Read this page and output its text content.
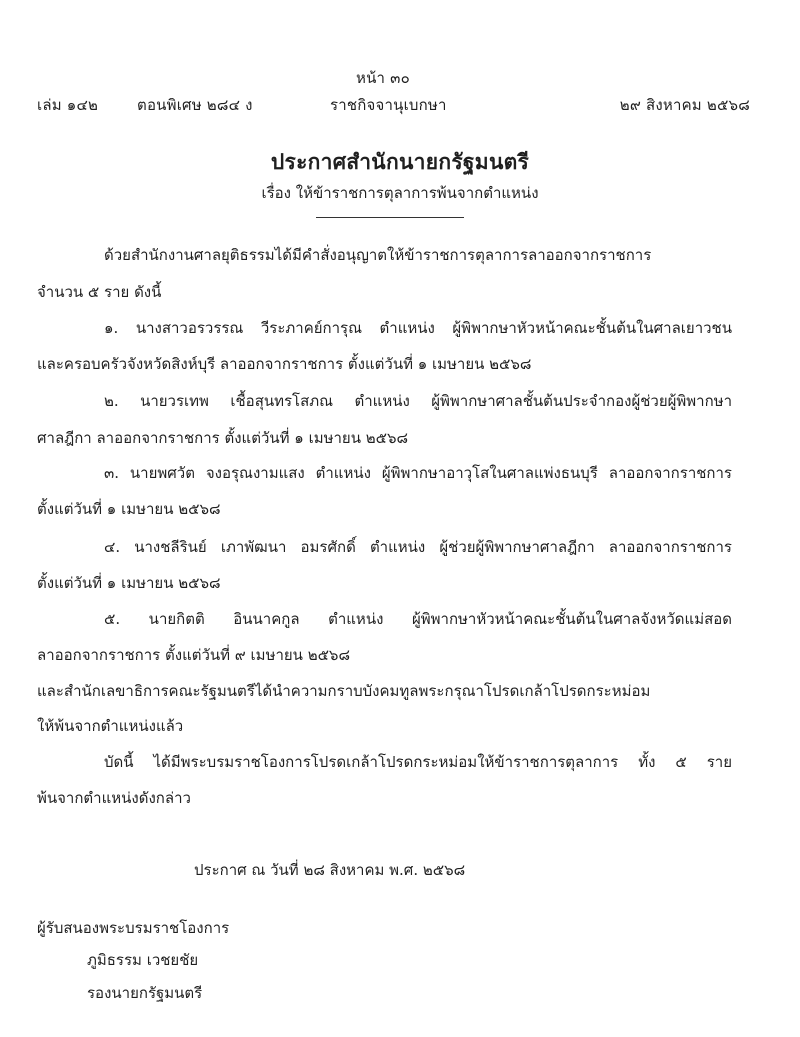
หน้า ๓๐
เล่ม ๑๔๒	ตอนพิเศษ ๒๘๔ ง	ราชกิจจานุเบกษา	๒๙ สิงหาคม ๒๕๖๘
ประกาศสำนักนายกรัฐมนตรี
เรื่อง ให้ข้าราชการตุลาการพ้นจากตำแหน่ง
ด้วยสำนักงานศาลยุติธรรมได้มีคำสั่งอนุญาตให้ข้าราชการตุลาการลาออกจากราชการ
จำนวน ๕ ราย ดังนี้
๑. นางสาวอรวรรณ วีระภาคย์การุณ ตำแหน่ง ผู้พิพากษาหัวหน้าคณะชั้นต้นในศาลเยาวชน
และครอบครัวจังหวัดสิงห์บุรี ลาออกจากราชการ ตั้งแต่วันที่ ๑ เมษายน ๒๕๖๘
๒. นายวรเทพ เชื้อสุนทรโสภณ ตำแหน่ง ผู้พิพากษาศาลชั้นต้นประจำกองผู้ช่วยผู้พิพากษา
ศาลฎีกา ลาออกจากราชการ ตั้งแต่วันที่ ๑ เมษายน ๒๕๖๘
๓. นายพศวัต จงอรุณงามแสง ตำแหน่ง ผู้พิพากษาอาวุโสในศาลแพ่งธนบุรี ลาออกจากราชการ
ตั้งแต่วันที่ ๑ เมษายน ๒๕๖๘
๔. นางชลีรินย์ เภาพัฒนา อมรศักดิ์ ตำแหน่ง ผู้ช่วยผู้พิพากษาศาลฎีกา ลาออกจากราชการ
ตั้งแต่วันที่ ๑ เมษายน ๒๕๖๘
๕. นายกิตติ อินนาคกูล ตำแหน่ง ผู้พิพากษาหัวหน้าคณะชั้นต้นในศาลจังหวัดแม่สอด
ลาออกจากราชการ ตั้งแต่วันที่ ๙ เมษายน ๒๕๖๘
และสำนักเลขาธิการคณะรัฐมนตรีได้นำความกราบบังคมทูลพระกรุณาโปรดเกล้าโปรดกระหม่อม
ให้พ้นจากตำแหน่งแล้ว
บัดนี้ ได้มีพระบรมราชโองการโปรดเกล้าโปรดกระหม่อมให้ข้าราชการตุลาการ ทั้ง ๕ ราย
พ้นจากตำแหน่งดังกล่าว
ประกาศ ณ วันที่ ๒๘ สิงหาคม พ.ศ. ๒๕๖๘
ผู้รับสนองพระบรมราชโองการ
ภูมิธรรม เวชยชัย
รองนายกรัฐมนตรี
